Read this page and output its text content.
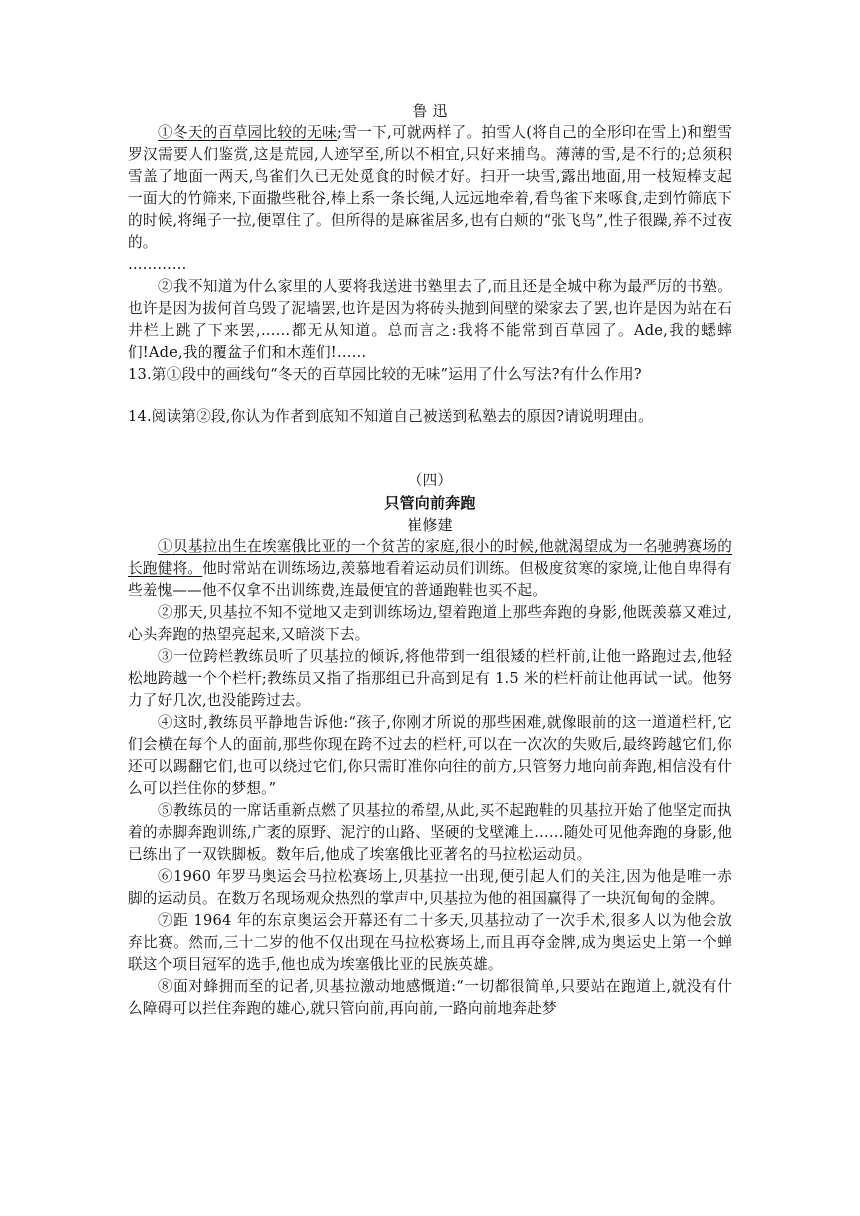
鲁 迅

①冬天的百草园比较的无味;雪一下,可就两样了。拍雪人(将自己的全形印在雪上)和塑雪罗汉需要人们鉴赏,这是荒园,人迹罕至,所以不相宜,只好来捕鸟。薄薄的雪,是不行的;总须积雪盖了地面一两天,鸟雀们久已无处觅食的时候才好。扫开一块雪,露出地面,用一枝短棒支起一面大的竹筛来,下面撒些秕谷,棒上系一条长绳,人远远地牵着,看鸟雀下来啄食,走到竹筛底下的时候,将绳子一拉,便罩住了。但所得的是麻雀居多,也有白颊的“张飞鸟”,性子很躁,养不过夜的。

…………

②我不知道为什么家里的人要将我送进书塾里去了,而且还是全城中称为最严厉的书塾。也许是因为拔何首乌毁了泥墙罢,也许是因为将砖头抛到间壁的梁家去了罢,也许是因为站在石井栏上跳了下来罢,……都无从知道。总而言之:我将不能常到百草园了。Ade,我的蟋蟀们!Ade,我的覆盆子们和木莲们!……

13.第①段中的画线句“冬天的百草园比较的无味”运用了什么写法?有什么作用?

14.阅读第②段,你认为作者到底知不知道自己被送到私塾去的原因?请说明理由。

（四）

只管向前奔跑

崔修建

①贝基拉出生在埃塞俄比亚的一个贫苦的家庭,很小的时候,他就渴望成为一名驰骋赛场的长跑健将。他时常站在训练场边,羡慕地看着运动员们训练。但极度贫寒的家境,让他自卑得有些羞愧——他不仅拿不出训练费,连最便宜的普通跑鞋也买不起。

②那天,贝基拉不知不觉地又走到训练场边,望着跑道上那些奔跑的身影,他既羡慕又难过,心头奔跑的热望亮起来,又暗淡下去。

③一位跨栏教练员听了贝基拉的倾诉,将他带到一组很矮的栏杆前,让他一路跑过去,他轻松地跨越一个个栏杆;教练员又指了指那组已升高到足有 1.5 米的栏杆前让他再试一试。他努力了好几次,也没能跨过去。

④这时,教练员平静地告诉他:“孩子,你刚才所说的那些困难,就像眼前的这一道道栏杆,它们会横在每个人的面前,那些你现在跨不过去的栏杆,可以在一次次的失败后,最终跨越它们,你还可以踢翻它们,也可以绕过它们,你只需盯准你向往的前方,只管努力地向前奔跑,相信没有什么可以拦住你的梦想。”

⑤教练员的一席话重新点燃了贝基拉的希望,从此,买不起跑鞋的贝基拉开始了他坚定而执着的赤脚奔跑训练,广袤的原野、泥泞的山路、坚硬的戈壁滩上……随处可见他奔跑的身影,他已练出了一双铁脚板。数年后,他成了埃塞俄比亚著名的马拉松运动员。

⑥1960 年罗马奥运会马拉松赛场上,贝基拉一出现,便引起人们的关注,因为他是唯一赤脚的运动员。在数万名现场观众热烈的掌声中,贝基拉为他的祖国赢得了一块沉甸甸的金牌。

⑦距 1964 年的东京奥运会开幕还有二十多天,贝基拉动了一次手术,很多人以为他会放弃比赛。然而,三十二岁的他不仅出现在马拉松赛场上,而且再夺金牌,成为奥运史上第一个蝉联这个项目冠军的选手,他也成为埃塞俄比亚的民族英雄。

⑧面对蜂拥而至的记者,贝基拉激动地感慨道:“一切都很简单,只要站在跑道上,就没有什么障碍可以拦住奔跑的雄心,就只管向前,再向前,一路向前地奔赴梦
